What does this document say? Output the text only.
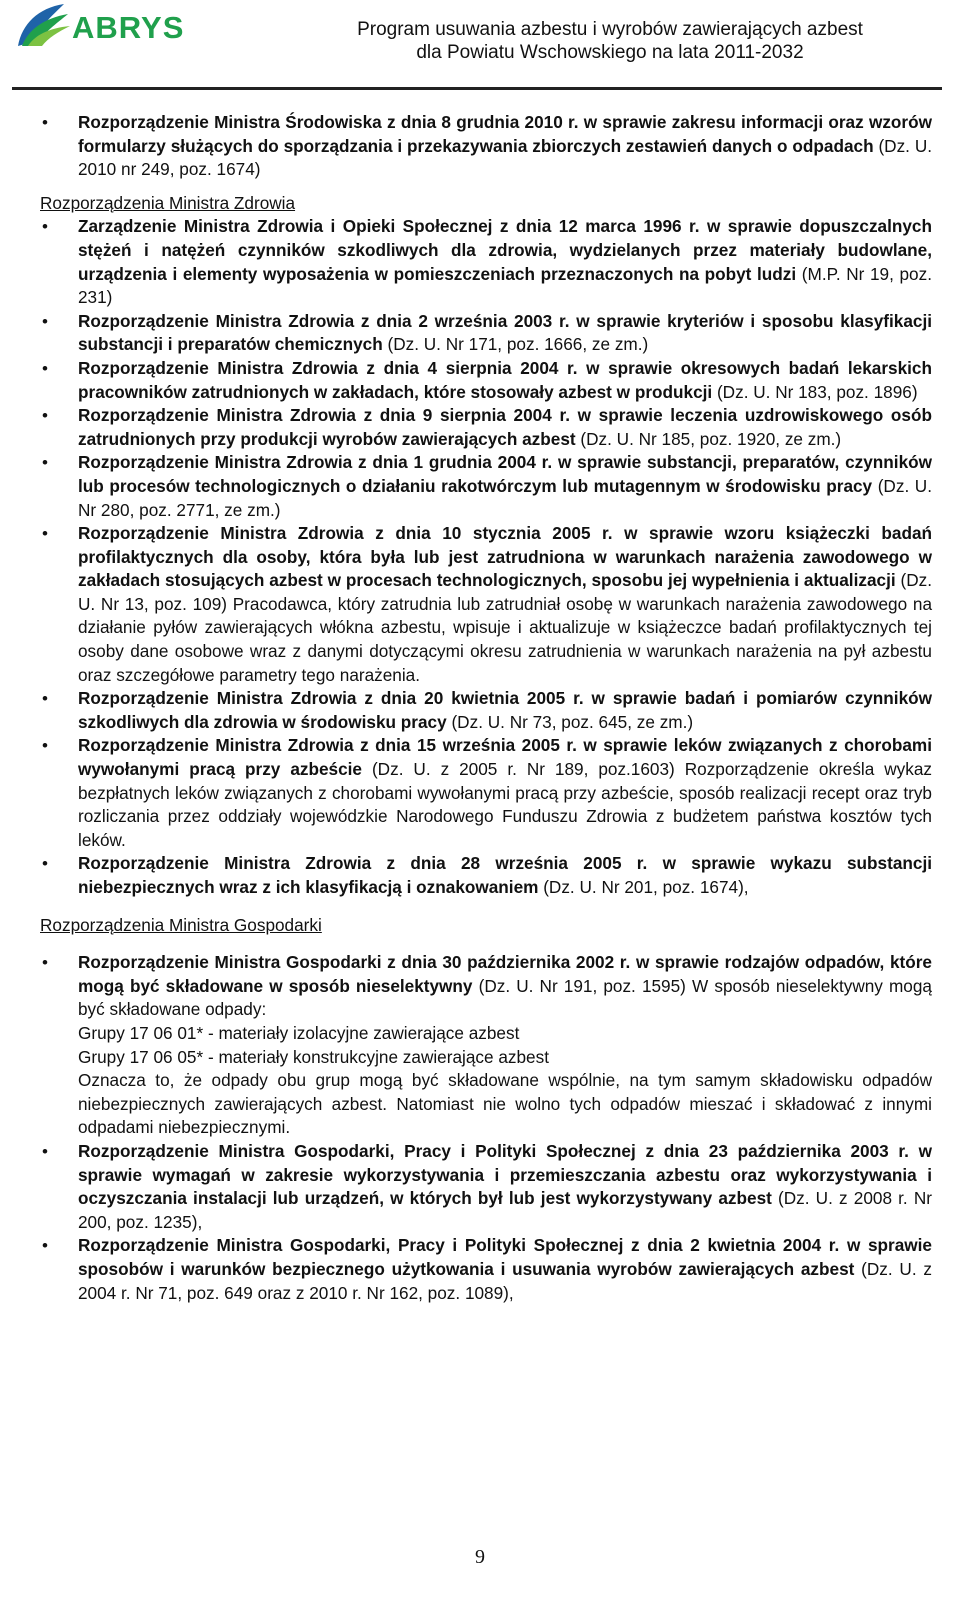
ABRYS	Program usuwania azbestu i wyrobów zawierających azbest
dla Powiatu Wschowskiego na lata 2011-2032
• Rozporządzenie Ministra Środowiska z dnia 8 grudnia 2010 r. w sprawie zakresu informacji oraz wzorów formularzy służących do sporządzania i przekazywania zbiorczych zestawień danych o odpadach (Dz. U. 2010 nr 249, poz. 1674)
Rozporządzenia Ministra Zdrowia
• Zarządzenie Ministra Zdrowia i Opieki Społecznej z dnia 12 marca 1996 r. w sprawie dopuszczalnych stężeń i natężeń czynników szkodliwych dla zdrowia, wydzielanych przez materiały budowlane, urządzenia i elementy wyposażenia w pomieszczeniach przeznaczonych na pobyt ludzi (M.P. Nr 19, poz. 231)
• Rozporządzenie Ministra Zdrowia z dnia 2 września 2003 r. w sprawie kryteriów i sposobu klasyfikacji substancji i preparatów chemicznych (Dz. U. Nr 171, poz. 1666, ze zm.)
• Rozporządzenie Ministra Zdrowia z dnia 4 sierpnia 2004 r. w sprawie okresowych badań lekarskich pracowników zatrudnionych w zakładach, które stosowały azbest w produkcji (Dz. U. Nr 183, poz. 1896)
• Rozporządzenie Ministra Zdrowia z dnia 9 sierpnia 2004 r. w sprawie leczenia uzdrowiskowego osób zatrudnionych przy produkcji wyrobów zawierających azbest (Dz. U. Nr 185, poz. 1920, ze zm.)
• Rozporządzenie Ministra Zdrowia z dnia 1 grudnia 2004 r. w sprawie substancji, preparatów, czynników lub procesów technologicznych o działaniu rakotwórczym lub mutagennym w środowisku pracy (Dz. U. Nr 280, poz. 2771, ze zm.)
• Rozporządzenie Ministra Zdrowia z dnia 10 stycznia 2005 r. w sprawie wzoru książeczki badań profilaktycznych dla osoby, która była lub jest zatrudniona w warunkach narażenia zawodowego w zakładach stosujących azbest w procesach technologicznych, sposobu jej wypełnienia i aktualizacji (Dz. U. Nr 13, poz. 109) Pracodawca, który zatrudnia lub zatrudniał osobę w warunkach narażenia zawodowego na działanie pyłów zawierających włókna azbestu, wpisuje i aktualizuje w książeczce badań profilaktycznych tej osoby dane osobowe wraz z danymi dotyczącymi okresu zatrudnienia w warunkach narażenia na pył azbestu oraz szczegółowe parametry tego narażenia.
• Rozporządzenie Ministra Zdrowia z dnia 20 kwietnia 2005 r. w sprawie badań i pomiarów czynników szkodliwych dla zdrowia w środowisku pracy (Dz. U. Nr 73, poz. 645, ze zm.)
• Rozporządzenie Ministra Zdrowia z dnia 15 września 2005 r. w sprawie leków związanych z chorobami wywołanymi pracą przy azbeście (Dz. U. z 2005 r. Nr 189, poz.1603) Rozporządzenie określa wykaz bezpłatnych leków związanych z chorobami wywołanymi pracą przy azbeście, sposób realizacji recept oraz tryb rozliczania przez oddziały wojewódzkie Narodowego Funduszu Zdrowia z budżetem państwa kosztów tych leków.
• Rozporządzenie Ministra Zdrowia z dnia 28 września 2005 r. w sprawie wykazu substancji niebezpiecznych wraz z ich klasyfikacją i oznakowaniem (Dz. U. Nr 201, poz. 1674),
Rozporządzenia Ministra Gospodarki
• Rozporządzenie Ministra Gospodarki z dnia 30 października 2002 r. w sprawie rodzajów odpadów, które mogą być składowane w sposób nieselektywny (Dz. U. Nr 191, poz. 1595) W sposób nieselektywny mogą być składowane odpady:
Grupy 17 06 01* - materiały izolacyjne zawierające azbest
Grupy 17 06 05* - materiały konstrukcyjne zawierające azbest
Oznacza to, że odpady obu grup mogą być składowane wspólnie, na tym samym składowisku odpadów niebezpiecznych zawierających azbest. Natomiast nie wolno tych odpadów mieszać i składować z innymi odpadami niebezpiecznymi.
• Rozporządzenie Ministra Gospodarki, Pracy i Polityki Społecznej z dnia 23 października 2003 r. w sprawie wymagań w zakresie wykorzystywania i przemieszczania azbestu oraz wykorzystywania i oczyszczania instalacji lub urządzeń, w których był lub jest wykorzystywany azbest (Dz. U. z 2008 r. Nr 200, poz. 1235),
• Rozporządzenie Ministra Gospodarki, Pracy i Polityki Społecznej z dnia 2 kwietnia 2004 r. w sprawie sposobów i warunków bezpiecznego użytkowania i usuwania wyrobów zawierających azbest (Dz. U. z 2004 r. Nr 71, poz. 649 oraz z 2010 r. Nr 162, poz. 1089),
9
